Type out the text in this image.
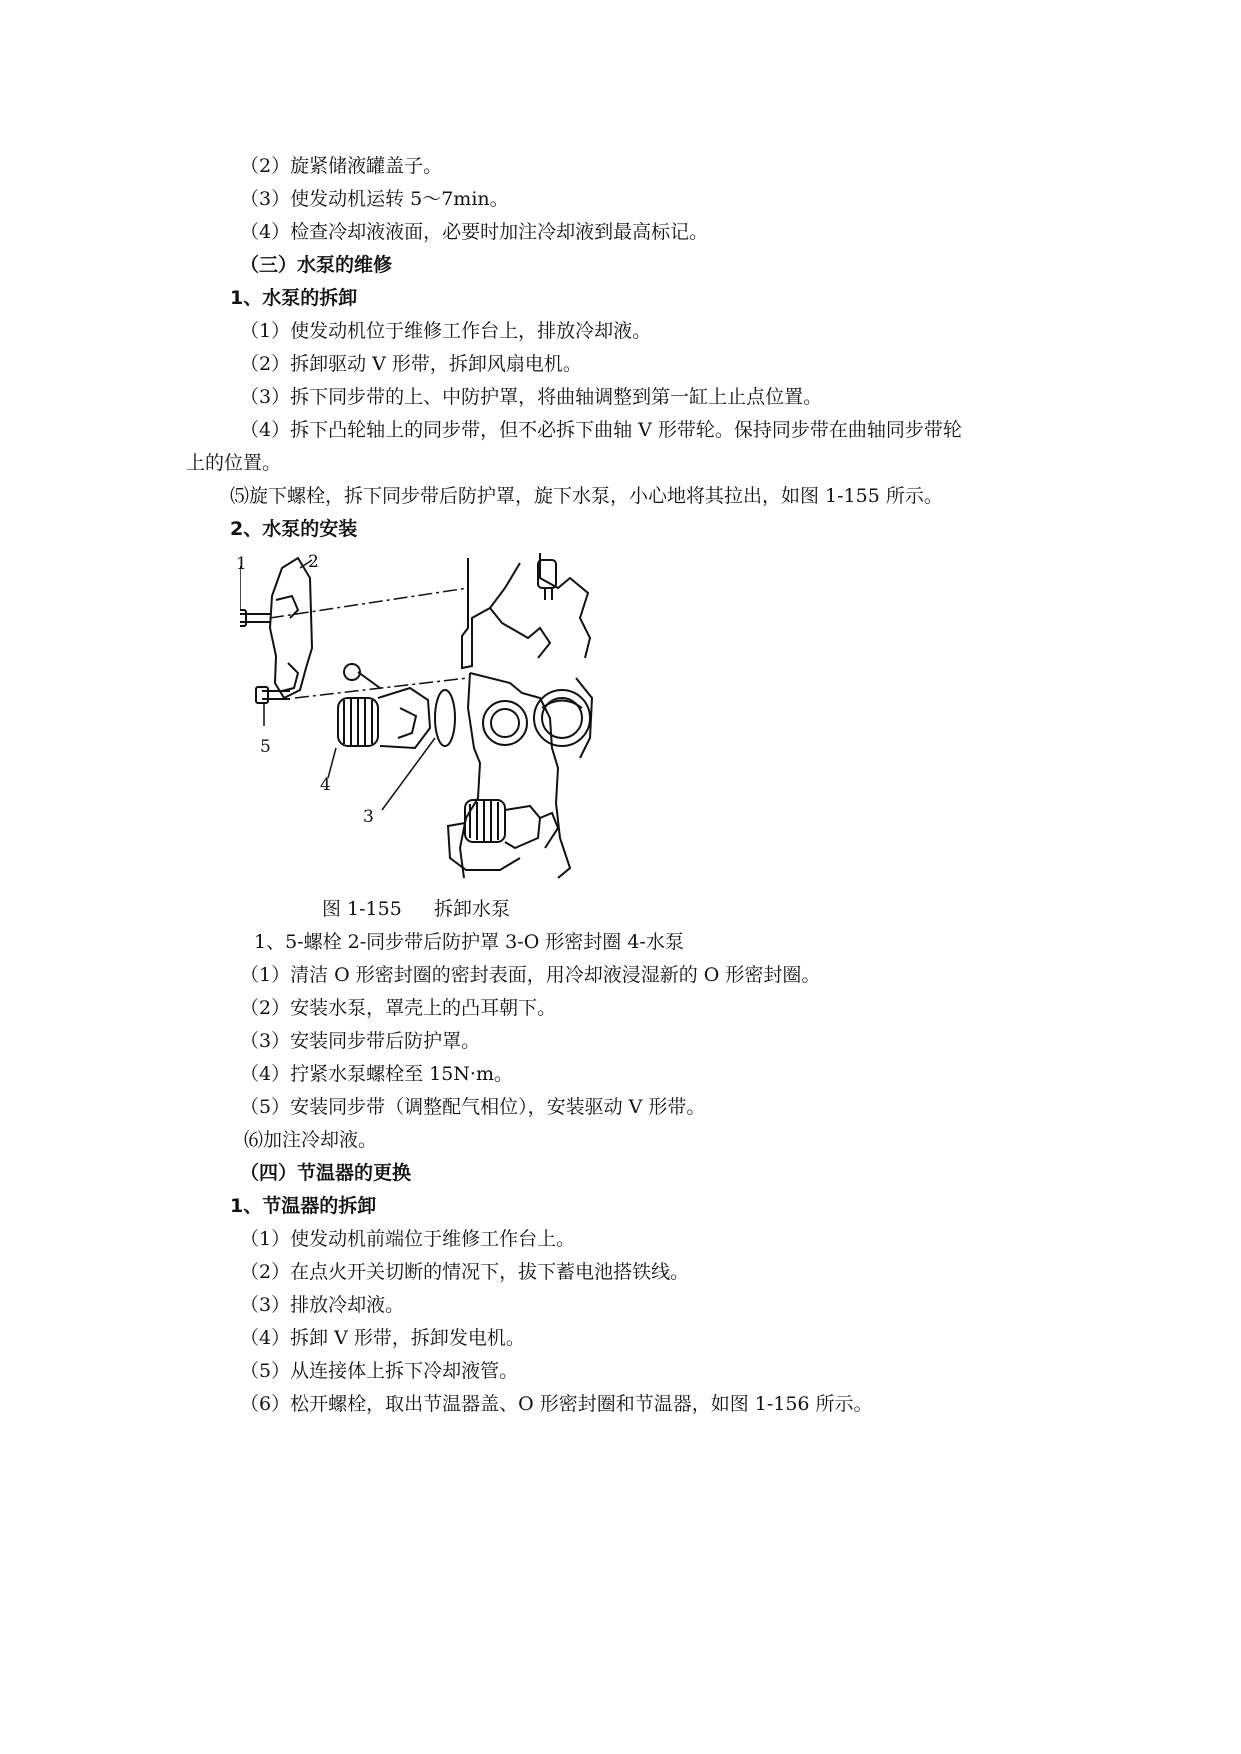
（2）旋紧储液罐盖子。
（3）使发动机运转 5～7min。
（4）检查冷却液液面，必要时加注冷却液到最高标记。
（三）水泵的维修
1、水泵的拆卸
（1）使发动机位于维修工作台上，排放冷却液。
（2）拆卸驱动 V 形带，拆卸风扇电机。
（3）拆下同步带的上、中防护罩，将曲轴调整到第一缸上止点位置。
（4）拆下凸轮轴上的同步带，但不必拆下曲轴 V 形带轮。保持同步带在曲轴同步带轮
上的位置。
⑸旋下螺栓，拆下同步带后防护罩，旋下水泵，小心地将其拉出，如图 1-155 所示。
2、水泵的安装
1	2
5
4
3
图 1-155 拆卸水泵
1、5-螺栓 2-同步带后防护罩 3-O 形密封圈 4-水泵
（1）清洁 O 形密封圈的密封表面，用冷却液浸湿新的 O 形密封圈。
（2）安装水泵，罩壳上的凸耳朝下。
（3）安装同步带后防护罩。
（4）拧紧水泵螺栓至 15N·m。
（5）安装同步带（调整配气相位），安装驱动 V 形带。
⑹加注冷却液。
（四）节温器的更换
1、节温器的拆卸
（1）使发动机前端位于维修工作台上。
（2）在点火开关切断的情况下，拔下蓄电池搭铁线。
（3）排放冷却液。
（4）拆卸 V 形带，拆卸发电机。
（5）从连接体上拆下冷却液管。
（6）松开螺栓，取出节温器盖、O 形密封圈和节温器，如图 1-156 所示。
